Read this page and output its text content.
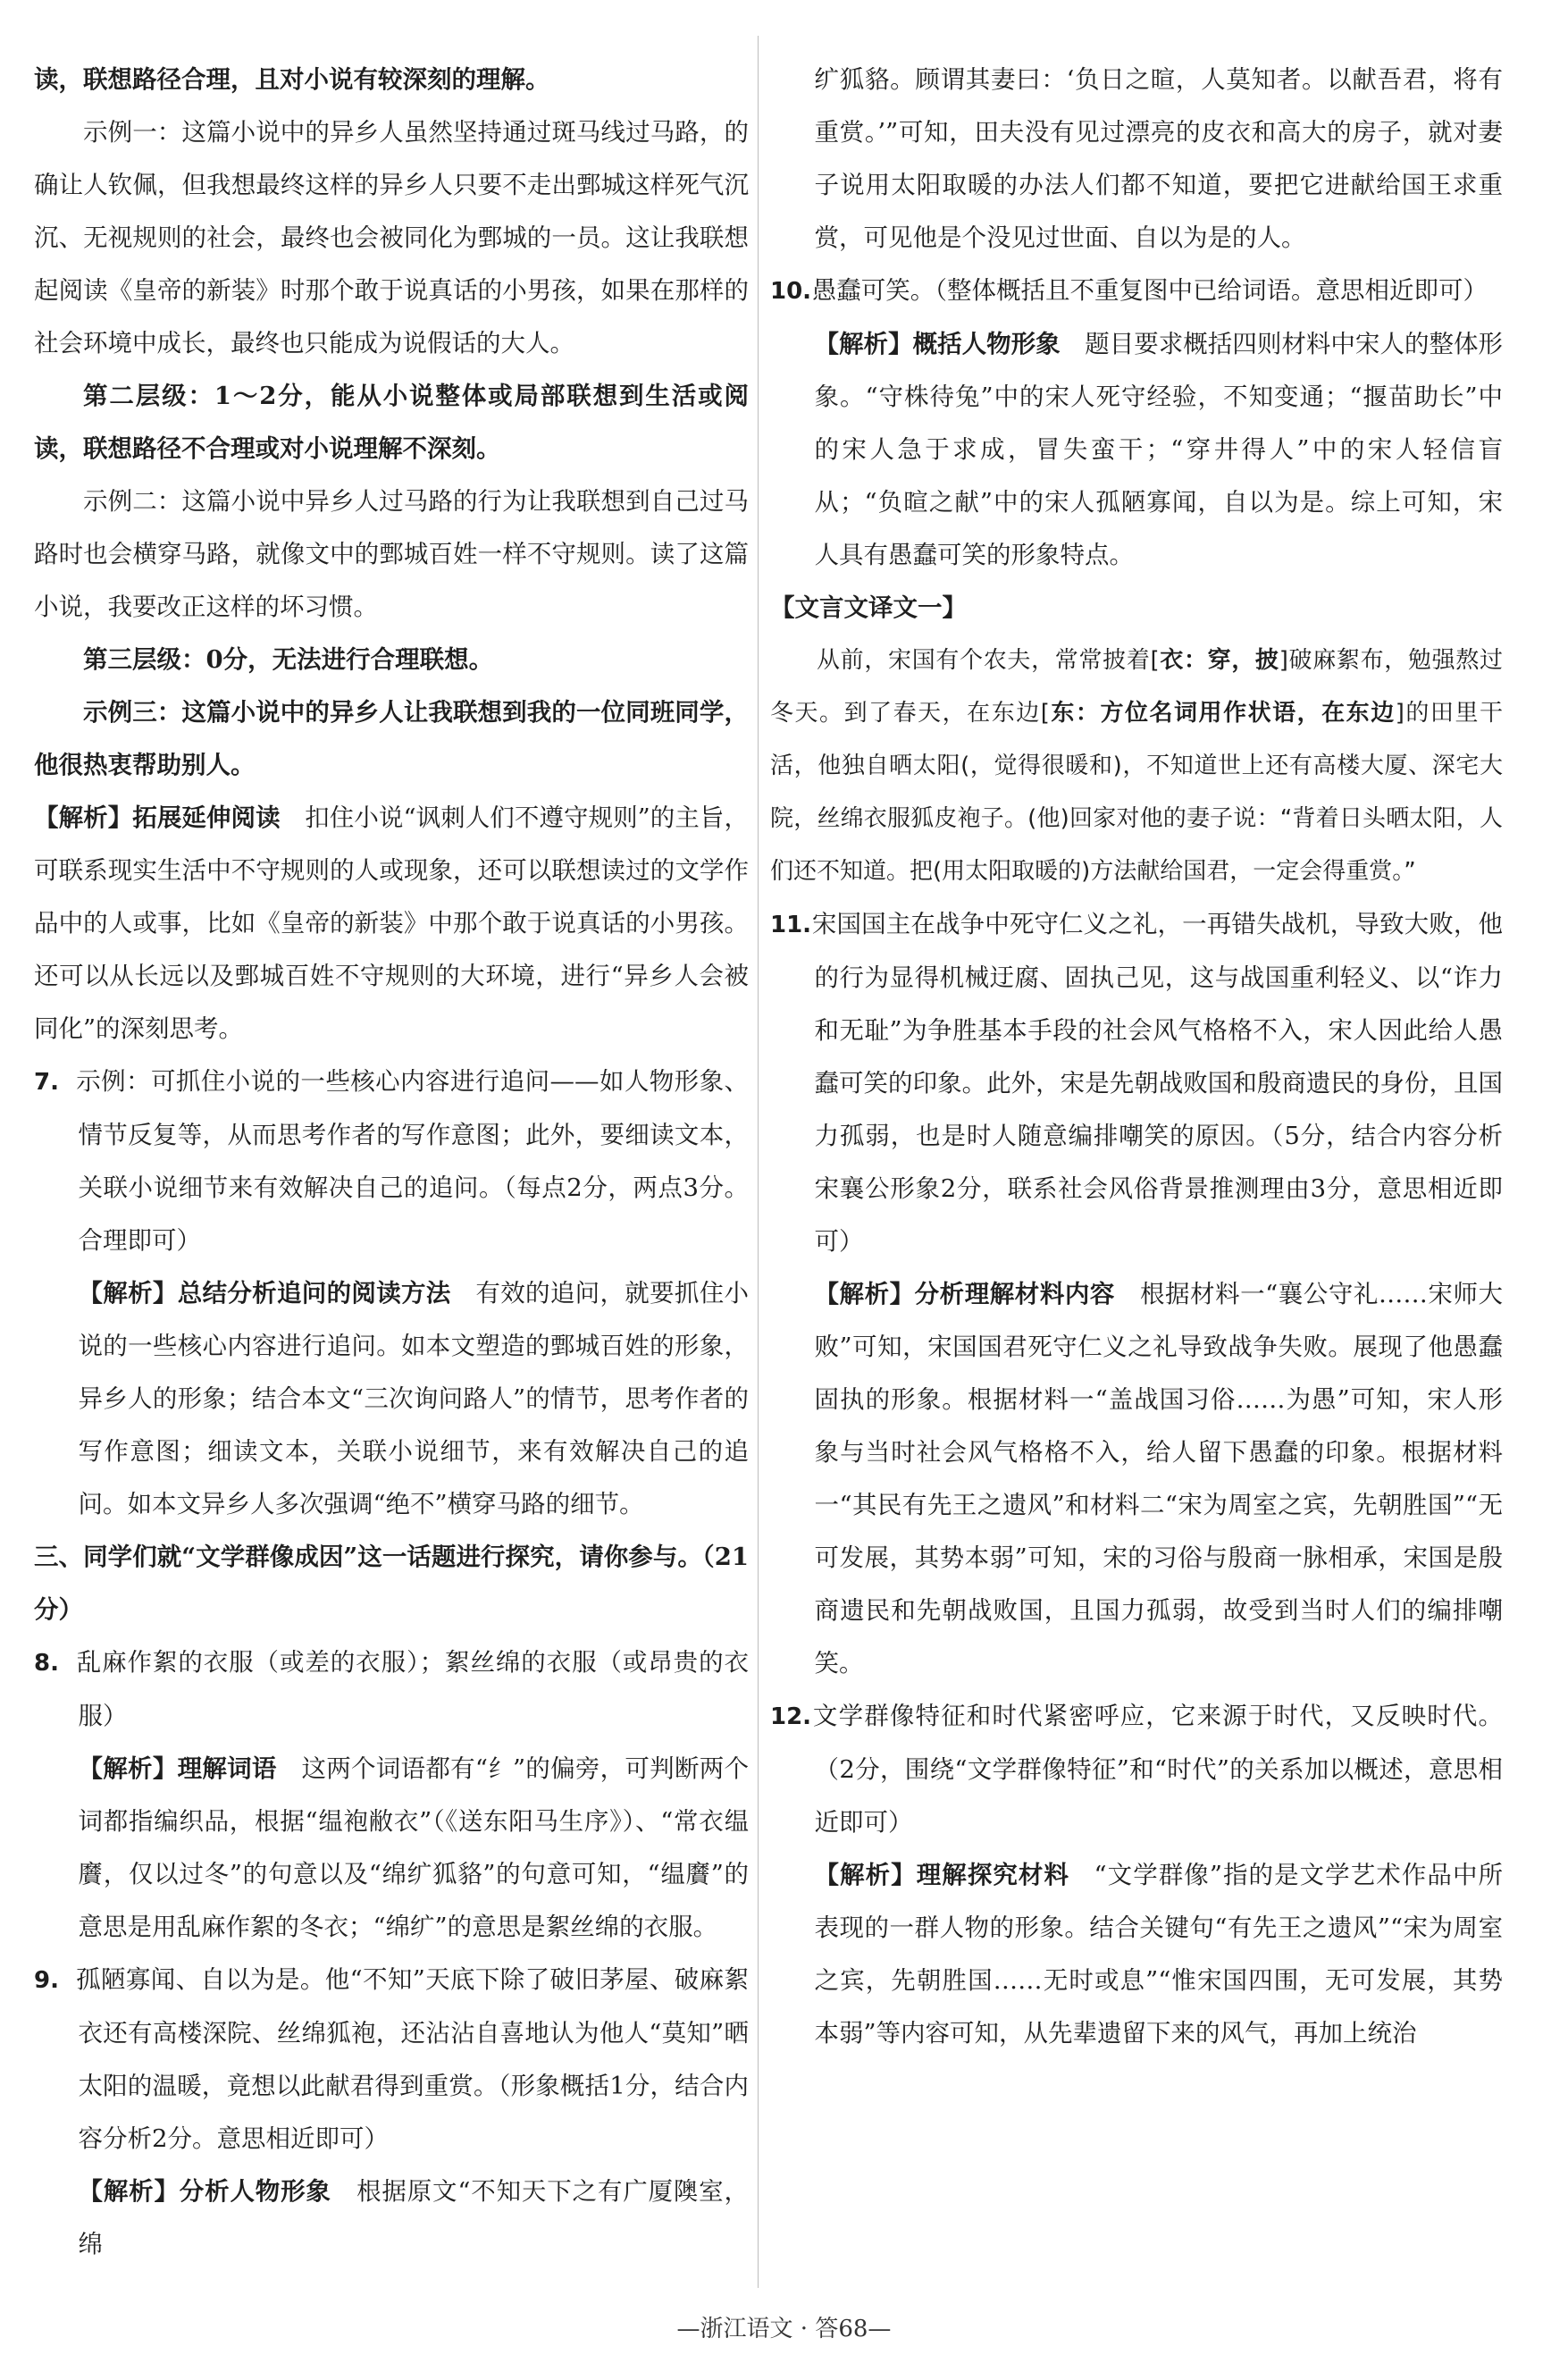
读，联想路径合理，且对小说有较深刻的理解。

示例一：这篇小说中的异乡人虽然坚持通过斑马线过马路，的确让人钦佩，但我想最终这样的异乡人只要不走出鄄城这样死气沉沉、无视规则的社会，最终也会被同化为鄄城的一员。这让我联想起阅读《皇帝的新装》时那个敢于说真话的小男孩，如果在那样的社会环境中成长，最终也只能成为说假话的大人。

第二层级：1～2分，能从小说整体或局部联想到生活或阅读，联想路径不合理或对小说理解不深刻。

示例二：这篇小说中异乡人过马路的行为让我联想到自己过马路时也会横穿马路，就像文中的鄄城百姓一样不守规则。读了这篇小说，我要改正这样的坏习惯。

第三层级：0分，无法进行合理联想。

示例三：这篇小说中的异乡人让我联想到我的一位同班同学，他很热衷帮助别人。

【解析】拓展延伸阅读  扣住小说“讽刺人们不遵守规则”的主旨，可联系现实生活中不守规则的人或现象，还可以联想读过的文学作品中的人或事，比如《皇帝的新装》中那个敢于说真话的小男孩。还可以从长远以及鄄城百姓不守规则的大环境，进行“异乡人会被同化”的深刻思考。

7. 示例：可抓住小说的一些核心内容进行追问——如人物形象、情节反复等，从而思考作者的写作意图；此外，要细读文本，关联小说细节来有效解决自己的追问。（每点2分，两点3分。合理即可）

【解析】总结分析追问的阅读方法  有效的追问，就要抓住小说的一些核心内容进行追问。如本文塑造的鄄城百姓的形象，异乡人的形象；结合本文“三次询问路人”的情节，思考作者的写作意图；细读文本，关联小说细节，来有效解决自己的追问。如本文异乡人多次强调“绝不”横穿马路的细节。

三、同学们就“文学群像成因”这一话题进行探究，请你参与。（21分）

8. 乱麻作絮的衣服（或差的衣服）；絮丝绵的衣服（或昂贵的衣服）

【解析】理解词语  这两个词语都有“纟”的偏旁，可判断两个词都指编织品，根据“缊袍敝衣”（《送东阳马生序》）、“常衣缊黂，仅以过冬”的句意以及“绵纩狐貉”的句意可知，“缊黂”的意思是用乱麻作絮的冬衣；“绵纩”的意思是絮丝绵的衣服。

9. 孤陋寡闻、自以为是。他“不知”天底下除了破旧茅屋、破麻絮衣还有高楼深院、丝绵狐袍，还沾沾自喜地认为他人“莫知”晒太阳的温暖，竟想以此献君得到重赏。（形象概括1分，结合内容分析2分。意思相近即可）

【解析】分析人物形象  根据原文“不知天下之有广厦隩室，绵

纩狐貉。顾谓其妻曰：‘负日之暄，人莫知者。以献吾君，将有重赏。’”可知，田夫没有见过漂亮的皮衣和高大的房子，就对妻子说用太阳取暖的办法人们都不知道，要把它进献给国王求重赏，可见他是个没见过世面、自以为是的人。

10.愚蠢可笑。（整体概括且不重复图中已给词语。意思相近即可）

【解析】概括人物形象  题目要求概括四则材料中宋人的整体形象。“守株待兔”中的宋人死守经验，不知变通；“揠苗助长”中的宋人急于求成，冒失蛮干；“穿井得人”中的宋人轻信盲从；“负暄之献”中的宋人孤陋寡闻，自以为是。综上可知，宋人具有愚蠢可笑的形象特点。

【文言文译文一】

从前，宋国有个农夫，常常披着[衣：穿，披]破麻絮布，勉强熬过冬天。到了春天，在东边[东：方位名词用作状语，在东边]的田里干活，他独自晒太阳(，觉得很暖和)，不知道世上还有高楼大厦、深宅大院，丝绵衣服狐皮袍子。(他)回家对他的妻子说：“背着日头晒太阳，人们还不知道。把(用太阳取暖的)方法献给国君，一定会得重赏。”

11.宋国国主在战争中死守仁义之礼，一再错失战机，导致大败，他的行为显得机械迂腐、固执己见，这与战国重利轻义、以“诈力和无耻”为争胜基本手段的社会风气格格不入，宋人因此给人愚蠢可笑的印象。此外，宋是先朝战败国和殷商遗民的身份，且国力孤弱，也是时人随意编排嘲笑的原因。（5分，结合内容分析宋襄公形象2分，联系社会风俗背景推测理由3分，意思相近即可）

【解析】分析理解材料内容  根据材料一“襄公守礼……宋师大败”可知，宋国国君死守仁义之礼导致战争失败。展现了他愚蠢固执的形象。根据材料一“盖战国习俗……为愚”可知，宋人形象与当时社会风气格格不入，给人留下愚蠢的印象。根据材料一“其民有先王之遗风”和材料二“宋为周室之宾，先朝胜国”“无可发展，其势本弱”可知，宋的习俗与殷商一脉相承，宋国是殷商遗民和先朝战败国，且国力孤弱，故受到当时人们的编排嘲笑。

12.文学群像特征和时代紧密呼应，它来源于时代，又反映时代。（2分，围绕“文学群像特征”和“时代”的关系加以概述，意思相近即可）

【解析】理解探究材料  “文学群像”指的是文学艺术作品中所表现的一群人物的形象。结合关键句“有先王之遗风”“宋为周室之宾，先朝胜国……无时或息”“惟宋国四围，无可发展，其势本弱”等内容可知，从先辈遗留下来的风气，再加上统治

—浙江语文 · 答68—
